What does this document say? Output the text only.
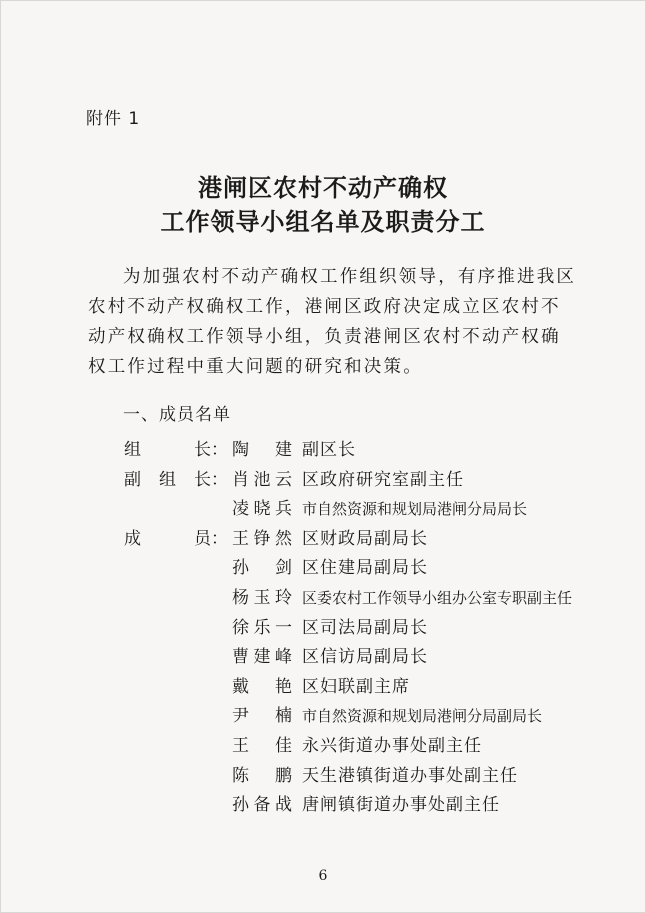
附件 1
港闸区农村不动产确权
工作领导小组名单及职责分工
为加强农村不动产确权工作组织领导，有序推进我区农村不动产权确权工作，港闸区政府决定成立区农村不动产权确权工作领导小组，负责港闸区农村不动产权确权工作过程中重大问题的研究和决策。
一、成员名单
组	长： 陶 建 副区长
副 组 长： 肖 池 云 区政府研究室副主任
凌 晓 兵 市自然资源和规划局港闸分局局长
成	员： 王 铮 然 区财政局副局长
孙 剑 区住建局副局长
杨 玉 玲 区委农村工作领导小组办公室专职副主任
徐 乐 一 区司法局副局长
曹 建 峰 区信访局副局长
戴 艳 区妇联副主席
尹 楠 市自然资源和规划局港闸分局副局长
王 佳 永兴街道办事处副主任
陈 鹏 天生港镇街道办事处副主任
孙 备 战 唐闸镇街道办事处副主任
6
